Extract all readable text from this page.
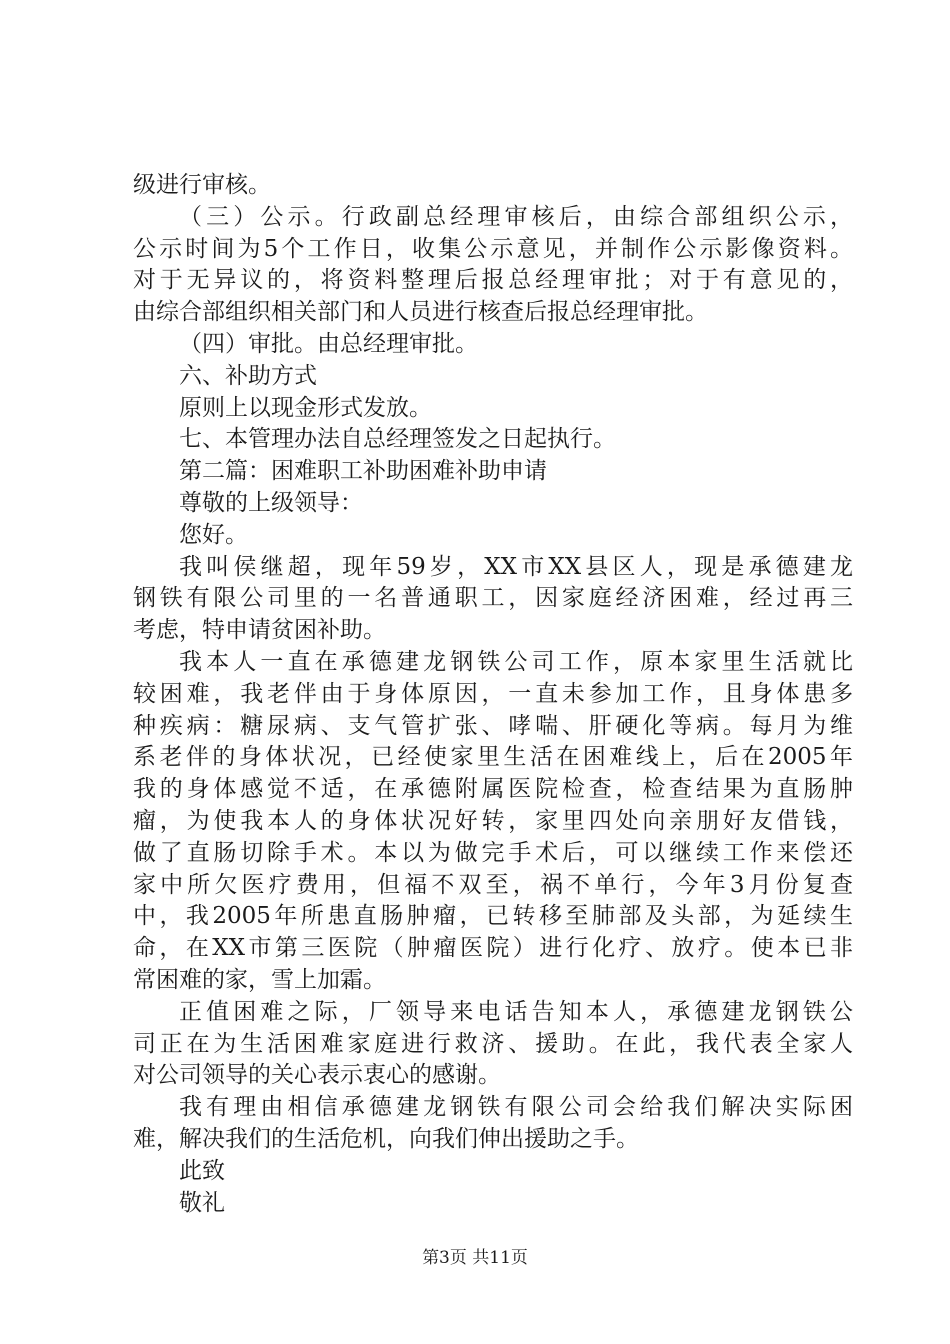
级进行审核。
（三）公示。行政副总经理审核后，由综合部组织公示，
公示时间为5个工作日，收集公示意见，并制作公示影像资料。
对于无异议的，将资料整理后报总经理审批；对于有意见的，
由综合部组织相关部门和人员进行核查后报总经理审批。
（四）审批。由总经理审批。
六、补助方式
原则上以现金形式发放。
七、本管理办法自总经理签发之日起执行。
第二篇：困难职工补助困难补助申请
尊敬的上级领导：
您好。
我叫侯继超，现年59岁，XX市XX县区人，现是承德建龙
钢铁有限公司里的一名普通职工，因家庭经济困难，经过再三
考虑，特申请贫困补助。
我本人一直在承德建龙钢铁公司工作，原本家里生活就比
较困难，我老伴由于身体原因，一直未参加工作，且身体患多
种疾病：糖尿病、支气管扩张、哮喘、肝硬化等病。每月为维
系老伴的身体状况，已经使家里生活在困难线上，后在2005年
我的身体感觉不适，在承德附属医院检查，检查结果为直肠肿
瘤，为使我本人的身体状况好转，家里四处向亲朋好友借钱，
做了直肠切除手术。本以为做完手术后，可以继续工作来偿还
家中所欠医疗费用，但福不双至，祸不单行，今年3月份复查
中，我2005年所患直肠肿瘤，已转移至肺部及头部，为延续生
命，在XX市第三医院（肿瘤医院）进行化疗、放疗。使本已非
常困难的家，雪上加霜。
正值困难之际，厂领导来电话告知本人，承德建龙钢铁公
司正在为生活困难家庭进行救济、援助。在此，我代表全家人
对公司领导的关心表示衷心的感谢。
我有理由相信承德建龙钢铁有限公司会给我们解决实际困
难，解决我们的生活危机，向我们伸出援助之手。
此致
敬礼
第3页 共11页
